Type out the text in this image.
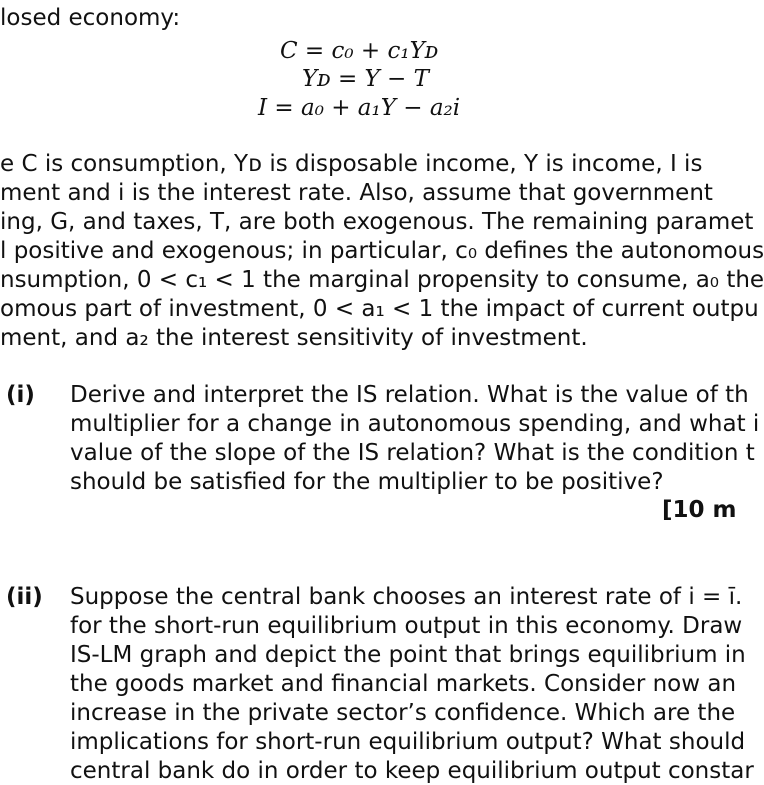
losed economy:
C = c₀ + c₁Yᴅ
Yᴅ = Y − T
I = a₀ + a₁Y − a₂i
e C is consumption, Yᴅ is disposable income, Y is income, I is
ment and i is the interest rate. Also, assume that government
ing, G, and taxes, T, are both exogenous. The remaining paramet
l positive and exogenous; in particular, c₀ defines the autonomous
nsumption, 0 < c₁ < 1 the marginal propensity to consume, a₀ the
omous part of investment, 0 < a₁ < 1 the impact of current outpu
ment, and a₂ the interest sensitivity of investment.
(i) Derive and interpret the IS relation. What is the value of th
multiplier for a change in autonomous spending, and what i
value of the slope of the IS relation? What is the condition t
should be satisfied for the multiplier to be positive?
[10 m
(ii) Suppose the central bank chooses an interest rate of i = ī.
for the short-run equilibrium output in this economy. Draw
IS-LM graph and depict the point that brings equilibrium in
the goods market and financial markets. Consider now an
increase in the private sector’s confidence. Which are the
implications for short-run equilibrium output? What should
central bank do in order to keep equilibrium output constar
